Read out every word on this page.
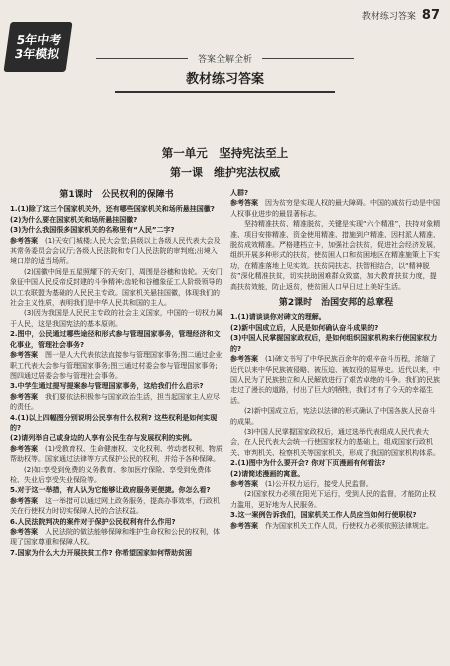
教材练习答案 87
5年中考
3年模拟	答案全解全析
教材练习答案
第一单元　坚持宪法至上
第一课　维护宪法权威
第1课时　公民权利的保障书

1.(1)除了这三个国家机关外，还有哪些国家机关和场所悬挂国徽?

(2)为什么要在国家机关和场所悬挂国徽?

(3)为什么我国很多国家机关的名称里有“人民”二字?

参考答案　 (1)天安门城楼;人民大会堂;县级以上各级人民代表大会及其常务委员会会议厅;各级人民法院和专门人民法院的审判庭;出境入境口岸的适当场所。

(2)国徽中间是五星照耀下的天安门，周围是谷穗和齿轮。天安门象征中国人民反帝反封建的斗争精神;齿轮和谷穗象征工人阶级领导的以工农联盟为基础的人民民主专政。国家机关悬挂国徽，体现我们的社会主义性质，表明我们是中华人民共和国的主人。

(3)因为我国是人民民主专政的社会主义国家，中国的一切权力属于人民，这是我国宪法的基本原则。

2.图中，公民通过哪些途径和形式参与管理国家事务，管理经济和文化事业，管理社会事务?

参考答案　 图一是人大代表依法直接参与管理国家事务;图二通过企业职工代表大会参与管理国家事务;图三通过村委会参与管理国家事务;图四通过居委会参与管理社会事务。

3.中学生通过提写提案参与管理国家事务，这给我们什么启示?

参考答案　 我们要依法积极参与国家政治生活，担当起国家主人应尽的责任。

4.(1)以上四幅图分别说明公民享有什么权利? 这些权利是如何实现的?

(2)请列举自己或身边的人享有公民生存与发展权利的实例。

参考答案　 (1)受教育权、生命健康权、文化权利、劳动者权利、物质帮助权等。国家通过法律等方式保护公民的权利，并给予各种保障。

(2)如:享受到免费的义务教育、参加医疗保险、享受到免费体检、失业后享受失业保险等。

5.对于这一举措，有人认为它能够让政府服务更便捷。你怎么看?

参考答案　 这一举措可以通过网上政务服务，提高办事效率，行政机关在行使权力时切实保障人民的合法权益。

6.人民法院判决的案件对于保护公民权利有什么作用?

参考答案　 人民法院的做法能够保障和维护生命权和公民的权利，体现了国家尊重和保障人权。

7.国家为什么大力开展扶贫工作? 你希望国家如何帮助贫困

人群?

参考答案　 因为贫穷是实现人权的最大障碍。中国的减贫行动是中国人权事业进步的最显著标志。

坚持精准扶贫、精准脱贫，关键是实现“六个精准”，扶持对象精准、项目安排精准、资金使用精准、措施到户精准、因村派人精准、脱贫成效精准。严格建档立卡，加强社会扶贫，促进社会经济发展，组织开展多种形式的扶贫，使贫困人口和贫困地区在精准施策上下实功，在精准落地上见实效。扶贫同扶志、扶智相结合，以“精神脱贫”深化精准扶贫，切实扶助困难群众致富，加大教育扶贫力度，提高扶贫效能，防止返贫，使贫困人口早日过上美好生活。

第2课时　治国安邦的总章程

1.(1)请谈谈你对碑文的理解。

(2)新中国成立后，人民是如何确认奋斗成果的?

(3)中国人民掌握国家政权后，是如何组织国家机构来行使国家权力的?

参考答案　 (1)碑文书写了中华民族百余年的艰辛奋斗历程，浓缩了近代以来中华民族被侵略、被压迫、被奴役的屈辱史。近代以来，中国人民为了民族独立和人民解放进行了艰苦卓绝的斗争。我们的民族走过了漫长的道路，付出了巨大的牺牲，我们才有了今天的幸福生活。

(2)新中国成立后，宪法以法律的形式确认了中国各族人民奋斗的成果。

(3)中国人民掌握国家政权后，通过选举代表组成人民代表大会，在人民代表大会统一行使国家权力的基础上，组成国家行政机关、审判机关、检察机关等国家机关，形成了我国的国家机构体系。

2.(1)图中为什么要开会? 你对下页漫画有何看法?

(2)请简述漫画的寓意。

参考答案　 (1)公开权力运行，接受人民监督。

(2)国家权力必须在阳光下运行，受到人民的监督，才能防止权力滥用，更好地为人民服务。

3.这一案例告诉我们，国家机关工作人员应当如何行使职权?

参考答案　 作为国家机关工作人员，行使权力必须依照法律规定。
